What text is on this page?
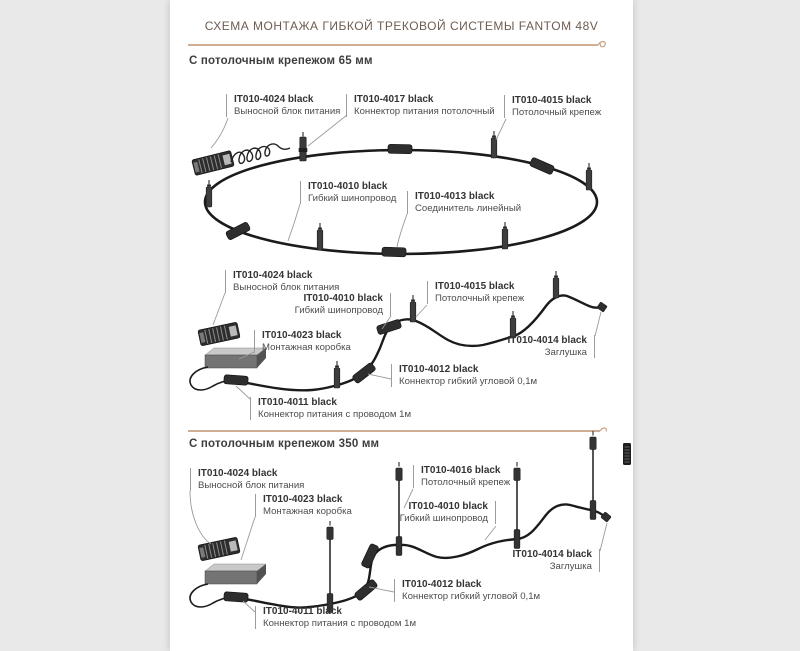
СХЕМА МОНТАЖА ГИБКОЙ ТРЕКОВОЙ СИСТЕМЫ FANTOM 48V
С потолочным крепежом 65 мм
С потолочным крепежом 350 мм
IT010-4024 black
Выносной блок питания
IT010-4017 black
Коннектор питания потолочный
IT010-4015 black
Потолочный крепеж
IT010-4010 black
Гибкий шинопровод IT010-4013 black
Соединитель линейный
IT010-4024 black
Выносной блок питания
IT010-4010 black
Гибкий шинопровод
IT010-4023 black
Монтажная коробка
IT010-4015 black
Потолочный крепеж
IT010-4014 black
Заглушка
IT010-4012 black
Коннектор гибкий угловой 0,1м
IT010-4011 black
Коннектор питания с проводом 1м
IT010-4024 black
Выносной блок питания
IT010-4023 black
Монтажная коробка
IT010-4016 black
Потолочный крепеж
IT010-4010 black
Гибкий шинопровод
IT010-4014 black
Заглушка
IT010-4012 black
Коннектор гибкий угловой 0,1м
IT010-4011 black
Коннектор питания с проводом 1м
